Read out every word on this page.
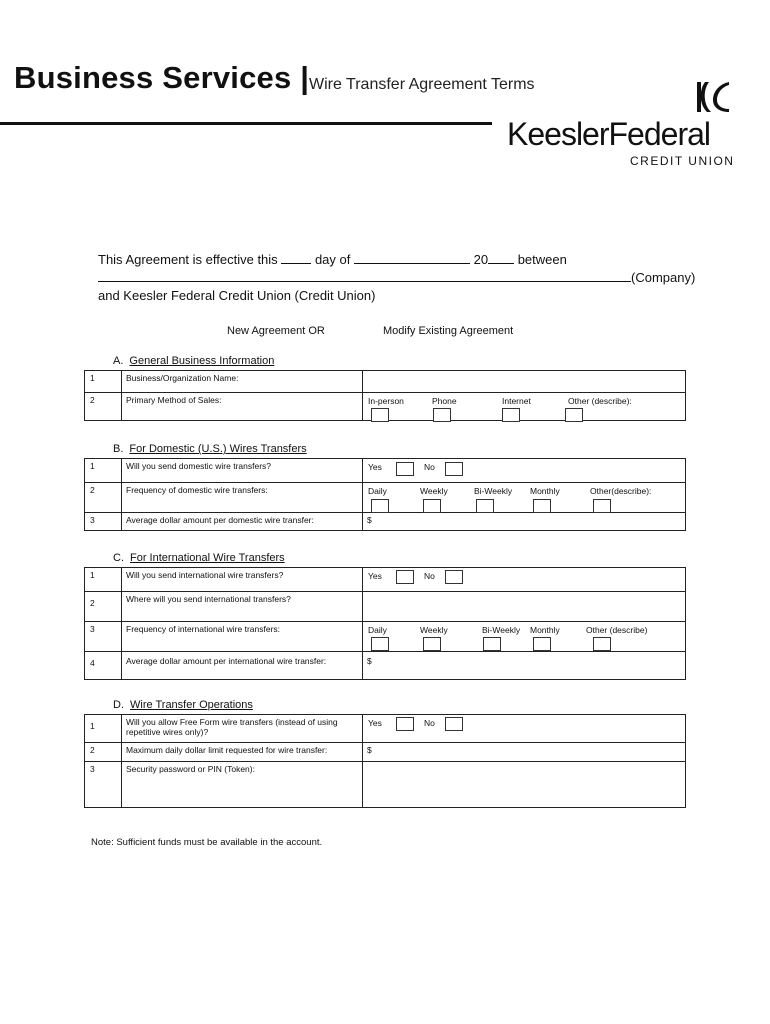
Business Services | Wire Transfer Agreement Terms
KeeslerFederal
CREDIT UNION
This Agreement is effective this	day of	20 between
(Company)
and Keesler Federal Credit Union (Credit Union)
New Agreement OR	Modify Existing Agreement
A. General Business Information
1	Business/Organization Name:	
2	Primary Method of Sales:	In-person Phone Internet Other (describe):
B. For Domestic (U.S.) Wires Transfers
1	Will you send domestic wire transfers?	Yes No

2	Frequency of domestic wire transfers:	Daily Weekly Bi-Weekly Monthly Other(describe):

3	Average dollar amount per domestic wire transfer:	$
C. For International Wire Transfers
1	Will you send international wire transfers?	Yes No

2	Where will you send international transfers?	
3	Frequency of international wire transfers:	Daily Weekly Bi-Weekly Monthly Other (describe)

4	Average dollar amount per international wire transfer:	$
D. Wire Transfer Operations
1	Will you allow Free Form wire transfers (instead of using repetitive wires only)?	Yes No

2	Maximum daily dollar limit requested for wire transfer:	$
3	Security password or PIN (Token):	
Note: Sufficient funds must be available in the account.
